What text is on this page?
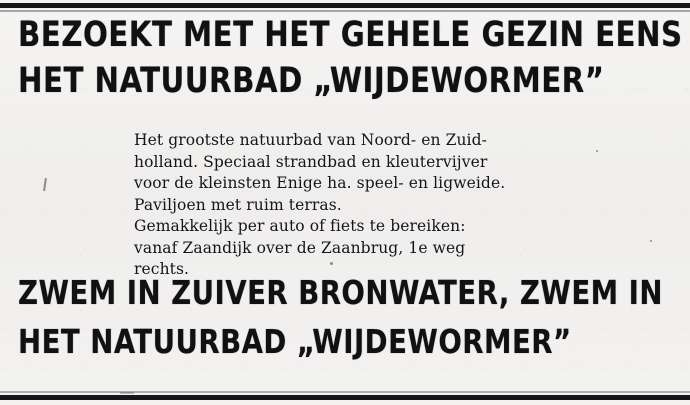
BEZOEKT MET HET GEHELE GEZIN EENS
HET NATUURBAD „WIJDEWORMER”

Het grootste natuurbad van Noord- en Zuid-

holland. Speciaal strandbad en kleutervijver

voor de kleinsten Enige ha. speel- en ligweide.

Paviljoen met ruim terras.

Gemakkelijk per auto of fiets te bereiken:

vanaf Zaandijk over de Zaanbrug, 1e weg

rechts.

ZWEM IN ZUIVER BRONWATER, ZWEM IN
HET NATUURBAD „WIJDEWORMER”
